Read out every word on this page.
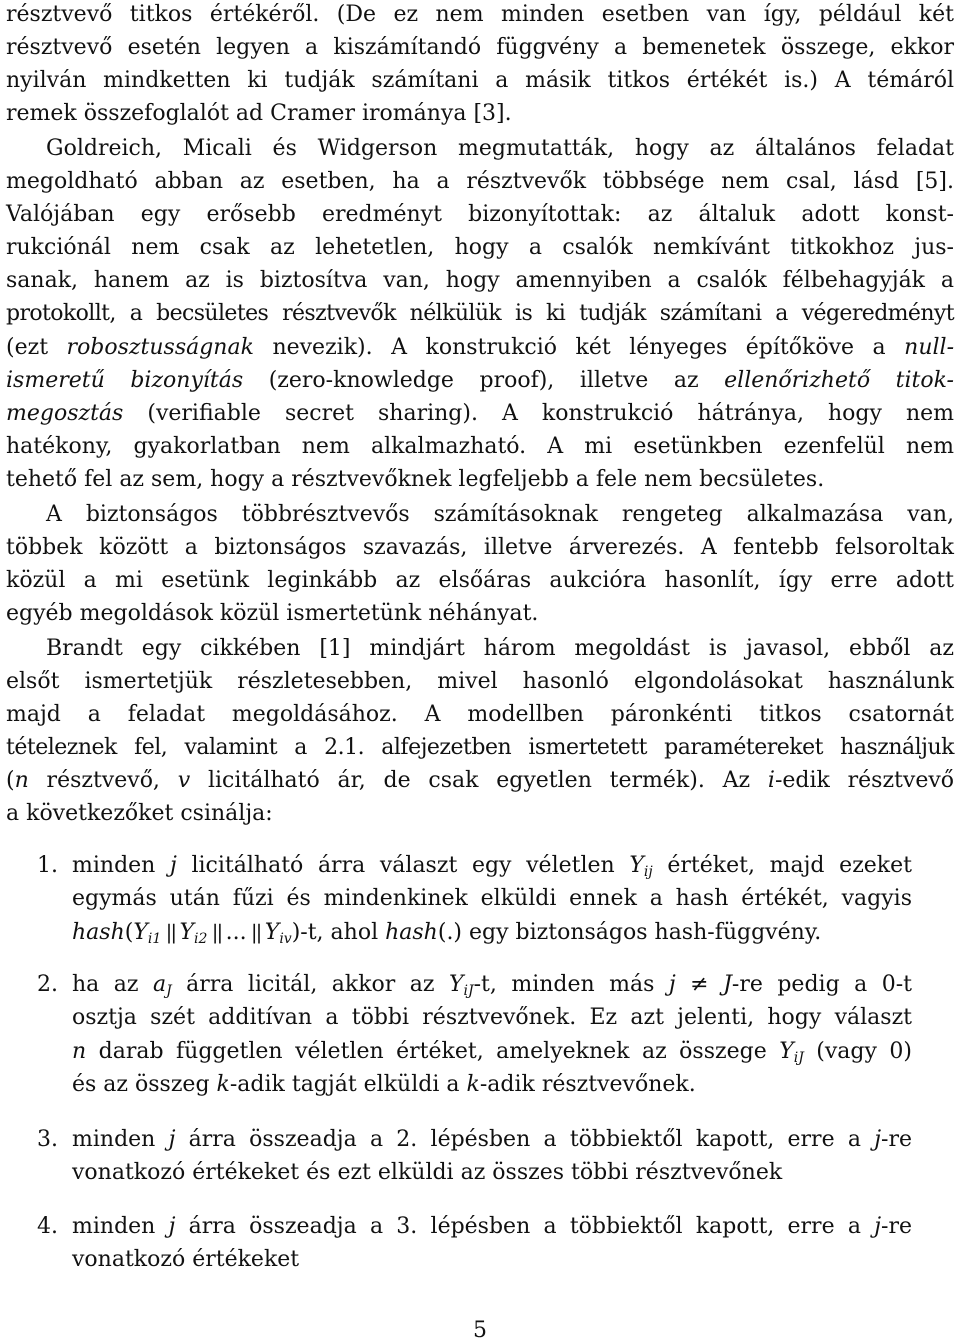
résztvevő titkos értékéről. (De ez nem minden esetben van így, például két
résztvevő esetén legyen a kiszámítandó függvény a bemenetek összege, ekkor
nyilván mindketten ki tudják számítani a másik titkos értékét is.) A témáról
remek összefoglalót ad Cramer irománya [3].
Goldreich, Micali és Widgerson megmutatták, hogy az általános feladat
megoldható abban az esetben, ha a résztvevők többsége nem csal, lásd [5].
Valójában egy erősebb eredményt bizonyítottak: az általuk adott konst-
rukciónál nem csak az lehetetlen, hogy a csalók nemkívánt titkokhoz jus-
sanak, hanem az is biztosítva van, hogy amennyiben a csalók félbehagyják a
protokollt, a becsületes résztvevők nélkülük is ki tudják számítani a végeredményt
(ezt robosztusságnak nevezik). A konstrukció két lényeges építőköve a null-
ismeretű bizonyítás (zero-knowledge proof), illetve az ellenőrizhető titok-
megosztás (verifiable secret sharing). A konstrukció hátránya, hogy nem
hatékony, gyakorlatban nem alkalmazható. A mi esetünkben ezenfelül nem
tehető fel az sem, hogy a résztvevőknek legfeljebb a fele nem becsületes.
A biztonságos többrésztvevős számításoknak rengeteg alkalmazása van,
többek között a biztonságos szavazás, illetve árverezés. A fentebb felsoroltak
közül a mi esetünk leginkább az elsőáras aukcióra hasonlít, így erre adott
egyéb megoldások közül ismertetünk néhányat.
Brandt egy cikkében [1] mindjárt három megoldást is javasol, ebből az
elsőt ismertetjük részletesebben, mivel hasonló elgondolásokat használunk
majd a feladat megoldásához. A modellben páronkénti titkos csatornát
tételeznek fel, valamint a 2.1. alfejezetben ismertetett paramétereket használjuk
(n résztvevő, v licitálható ár, de csak egyetlen termék). Az i-edik résztvevő
a következőket csinálja:
1. minden j licitálható árra választ egy véletlen $Y_{ij}$ értéket, majd ezeket
egymás után fűzi és mindenkinek elküldi ennek a hash értékét, vagyis
$hash(Y_{i1}$ || $Y_{i2}$ || ... || $Y_{iv})-t$, ahol hash(.) egy biztonságos hash-függvény.
2. ha az $a_J$ árra licitál, akkor az $Y_{iJ}-t$, minden más j ≠ J-re pedig a 0-t
osztja szét additívan a többi résztvevőnek. Ez azt jelenti, hogy választ
n darab független véletlen értéket, amelyeknek az összege $Y_{iJ}$ (vagy 0)
és az összeg k-adik tagját elküldi a k-adik résztvevőnek.
3. minden j árra összeadja a 2. lépésben a többiektől kapott, erre a j-re
vonatkozó értékeket és ezt elküldi az összes többi résztvevőnek
4. minden j árra összeadja a 3. lépésben a többiektől kapott, erre a j-re
vonatkozó értékeket
5
